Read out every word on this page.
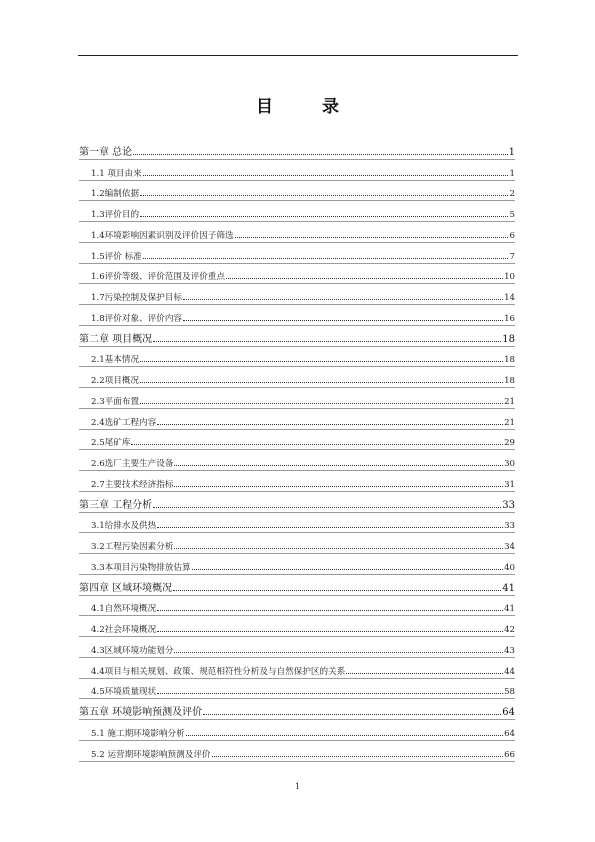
目　录
第一章 总论	1
1.1 项目由来	1
1.2编制依据	2
1.3评价目的	5
1.4环境影响因素识别及评价因子筛选	6
1.5评价 标准	7
1.6评价等级、评价范围及评价重点	10
1.7污染控制及保护目标	14
1.8评价对象、评价内容	16
第二章 项目概况	18
2.1基本情况	18
2.2项目概况	18
2.3平面布置	21
2.4选矿工程内容	21
2.5尾矿库	29
2.6选厂主要生产设备	30
2.7主要技术经济指标	31
第三章 工程分析	33
3.1给排水及供热	33
3.2工程污染因素分析	34
3.3本项目污染物排放估算	40
第四章 区域环境概况	41
4.1自然环境概况	41
4.2社会环境概况	42
4.3区域环境功能划分	43
4.4项目与相关规划、政策、规范相符性分析及与自然保护区的关系	44
4.5环境质量现状	58
第五章 环境影响预测及评价	64
5.1 施工期环境影响分析	64
5.2 运营期环境影响预测及评价	66
1
